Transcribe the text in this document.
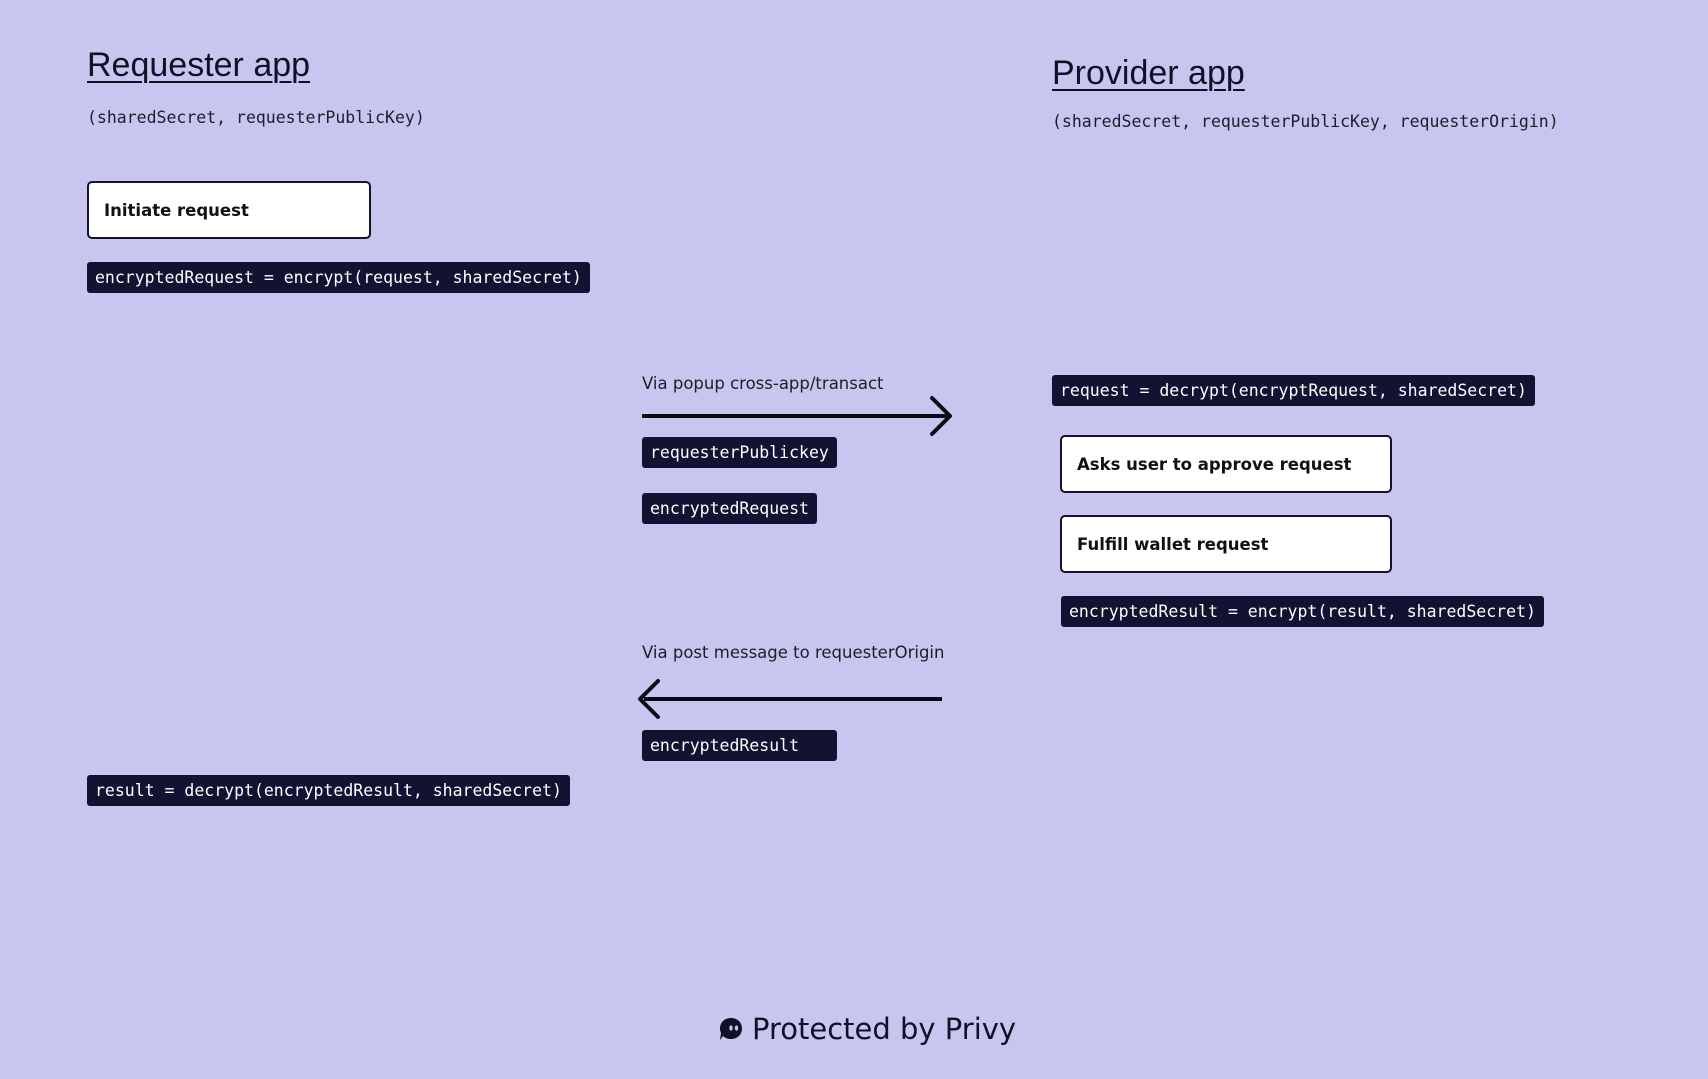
Requester app
(sharedSecret, requesterPublicKey)
Initiate request
encryptedRequest = encrypt(request, sharedSecret)
result = decrypt(encryptedResult, sharedSecret)
Provider app
(sharedSecret, requesterPublicKey, requesterOrigin)
request = decrypt(encryptRequest, sharedSecret)
Asks user to approve request
Fulfill wallet request
encryptedResult = encrypt(result, sharedSecret)
Via popup cross-app/transact
requesterPublickey
encryptedRequest
Via post message to requesterOrigin
encryptedResult
Protected by Privy
